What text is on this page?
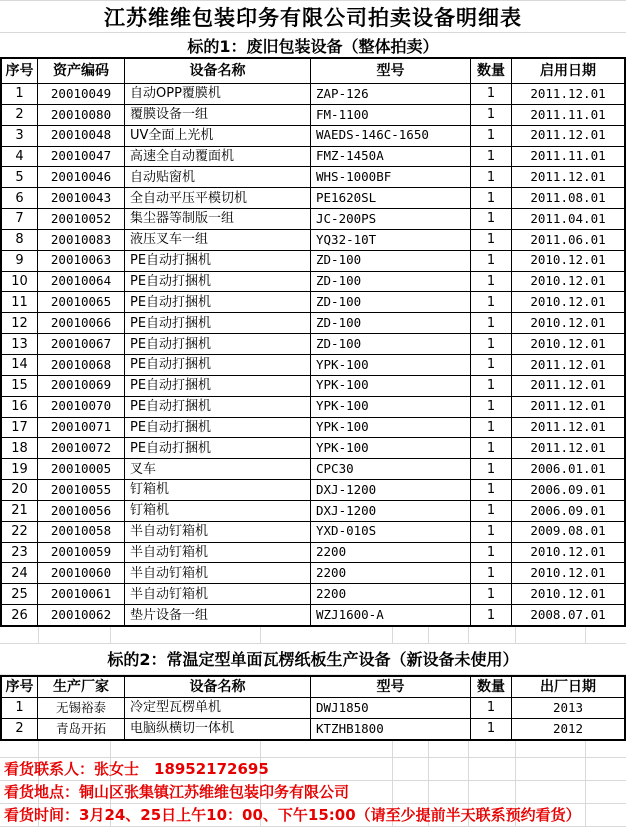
江苏维维包装印务有限公司拍卖设备明细表
标的1：废旧包装设备（整体拍卖）
序号	资产编码	设备名称	型号	数量	启用日期
1	20010049	自动OPP覆膜机	ZAP-126	1	2011.12.01
2	20010080	覆膜设备一组	FM-1100	1	2011.11.01
3	20010048	UV全面上光机	WAEDS-146C-1650	1	2011.12.01
4	20010047	高速全自动覆面机	FMZ-1450A	1	2011.11.01
5	20010046	自动贴窗机	WHS-1000BF	1	2011.12.01
6	20010043	全自动平压平模切机	PE1620SL	1	2011.08.01
7	20010052	集尘器等制版一组	JC-200PS	1	2011.04.01
8	20010083	液压叉车一组	YQ32-10T	1	2011.06.01
9	20010063	PE自动打捆机	ZD-100	1	2010.12.01
10	20010064	PE自动打捆机	ZD-100	1	2010.12.01
11	20010065	PE自动打捆机	ZD-100	1	2010.12.01
12	20010066	PE自动打捆机	ZD-100	1	2010.12.01
13	20010067	PE自动打捆机	ZD-100	1	2010.12.01
14	20010068	PE自动打捆机	YPK-100	1	2011.12.01
15	20010069	PE自动打捆机	YPK-100	1	2011.12.01
16	20010070	PE自动打捆机	YPK-100	1	2011.12.01
17	20010071	PE自动打捆机	YPK-100	1	2011.12.01
18	20010072	PE自动打捆机	YPK-100	1	2011.12.01
19	20010005	叉车	CPC30	1	2006.01.01
20	20010055	钉箱机	DXJ-1200	1	2006.09.01
21	20010056	钉箱机	DXJ-1200	1	2006.09.01
22	20010058	半自动钉箱机	YXD-010S	1	2009.08.01
23	20010059	半自动钉箱机	2200	1	2010.12.01
24	20010060	半自动钉箱机	2200	1	2010.12.01
25	20010061	半自动钉箱机	2200	1	2010.12.01
26	20010062	垫片设备一组	WZJ1600-A	1	2008.07.01
标的2：常温定型单面瓦楞纸板生产设备（新设备未使用）
序号	生产厂家	设备名称	型号	数量	出厂日期
1	无锡裕泰	冷定型瓦楞单机	DWJ1850	1	2013
2	青岛开拓	电脑纵横切一体机	KTZHB1800	1	2012
看货联系人：张女士　18952172695
看货地点：铜山区张集镇江苏维维包装印务有限公司
看货时间：3月24、25日上午10：00、下午15:00（请至少提前半天联系预约看货）
